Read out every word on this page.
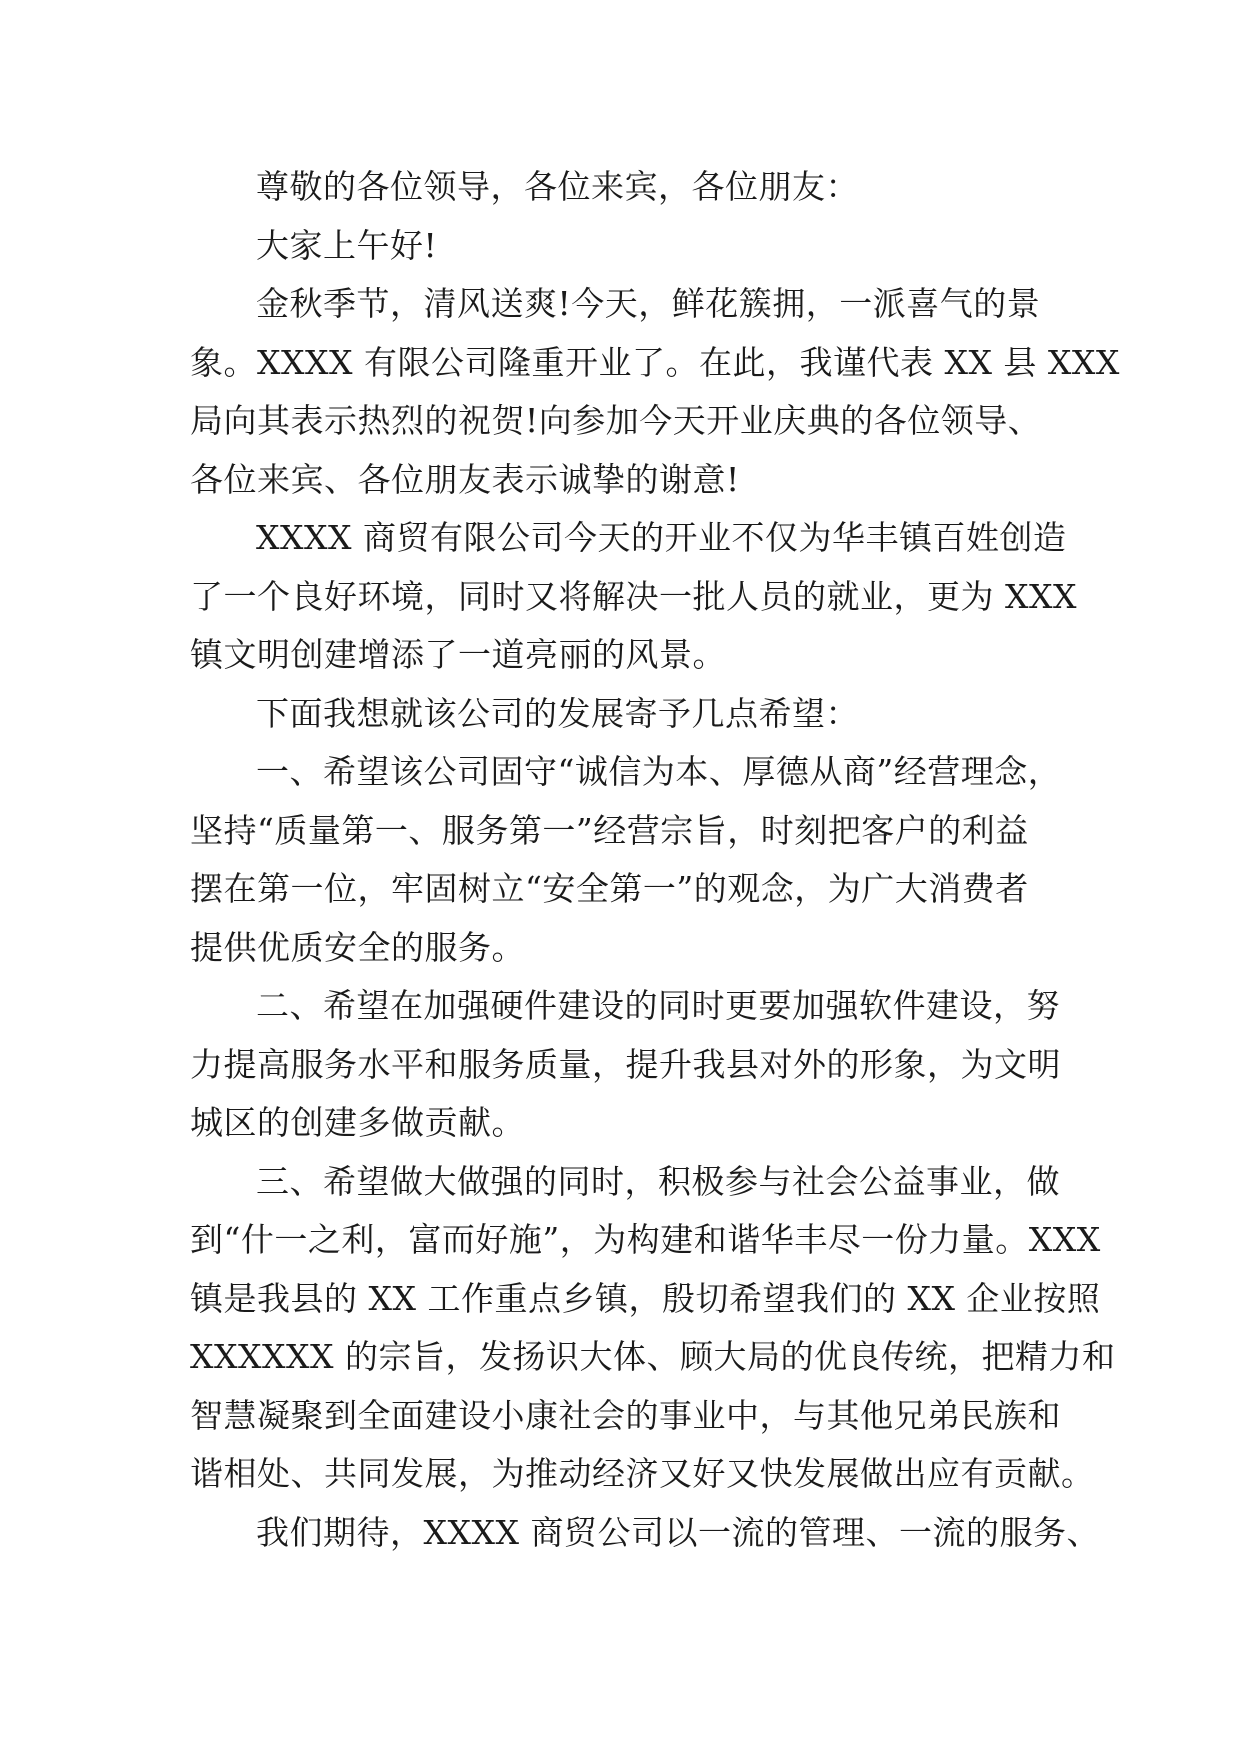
尊敬的各位领导，各位来宾，各位朋友：
大家上午好!
金秋季节，清风送爽!今天，鲜花簇拥，一派喜气的景
象。XXXX 有限公司隆重开业了。在此，我谨代表 XX 县 XXX
局向其表示热烈的祝贺!向参加今天开业庆典的各位领导、
各位来宾、各位朋友表示诚挚的谢意!
XXXX 商贸有限公司今天的开业不仅为华丰镇百姓创造
了一个良好环境，同时又将解决一批人员的就业，更为 XXX
镇文明创建增添了一道亮丽的风景。
下面我想就该公司的发展寄予几点希望：
一、希望该公司固守“诚信为本、厚德从商”经营理念，
坚持“质量第一、服务第一”经营宗旨，时刻把客户的利益
摆在第一位，牢固树立“安全第一”的观念，为广大消费者
提供优质安全的服务。
二、希望在加强硬件建设的同时更要加强软件建设，努
力提高服务水平和服务质量，提升我县对外的形象，为文明
城区的创建多做贡献。
三、希望做大做强的同时，积极参与社会公益事业，做
到“什一之利，富而好施”，为构建和谐华丰尽一份力量。XXX
镇是我县的 XX 工作重点乡镇，殷切希望我们的 XX 企业按照
XXXXXX 的宗旨，发扬识大体、顾大局的优良传统，把精力和
智慧凝聚到全面建设小康社会的事业中，与其他兄弟民族和
谐相处、共同发展，为推动经济又好又快发展做出应有贡献。
我们期待，XXXX 商贸公司以一流的管理、一流的服务、
